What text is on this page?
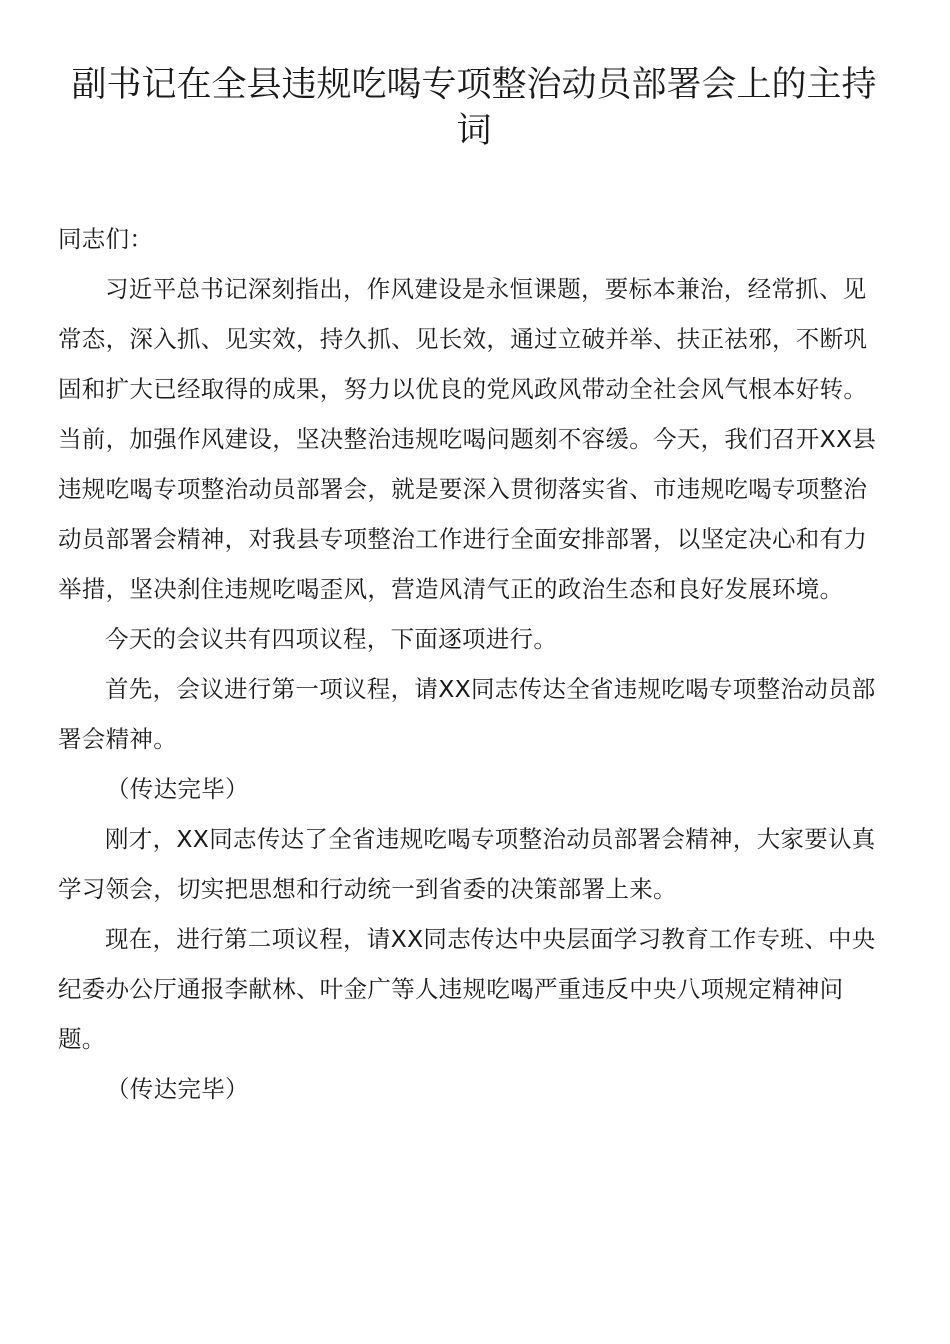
副书记在全县违规吃喝专项整治动员部署会上的主持词

同志们：

习近平总书记深刻指出，作风建设是永恒课题，要标本兼治，经常抓、见常态，深入抓、见实效，持久抓、见长效，通过立破并举、扶正祛邪，不断巩固和扩大已经取得的成果，努力以优良的党风政风带动全社会风气根本好转。当前，加强作风建设，坚决整治违规吃喝问题刻不容缓。今天，我们召开XX县违规吃喝专项整治动员部署会，就是要深入贯彻落实省、市违规吃喝专项整治动员部署会精神，对我县专项整治工作进行全面安排部署，以坚定决心和有力举措，坚决刹住违规吃喝歪风，营造风清气正的政治生态和良好发展环境。

今天的会议共有四项议程，下面逐项进行。

首先，会议进行第一项议程，请XX同志传达全省违规吃喝专项整治动员部署会精神。

（传达完毕）

刚才，XX同志传达了全省违规吃喝专项整治动员部署会精神，大家要认真学习领会，切实把思想和行动统一到省委的决策部署上来。

现在，进行第二项议程，请XX同志传达中央层面学习教育工作专班、中央纪委办公厅通报李献林、叶金广等人违规吃喝严重违反中央八项规定精神问题。

（传达完毕）
